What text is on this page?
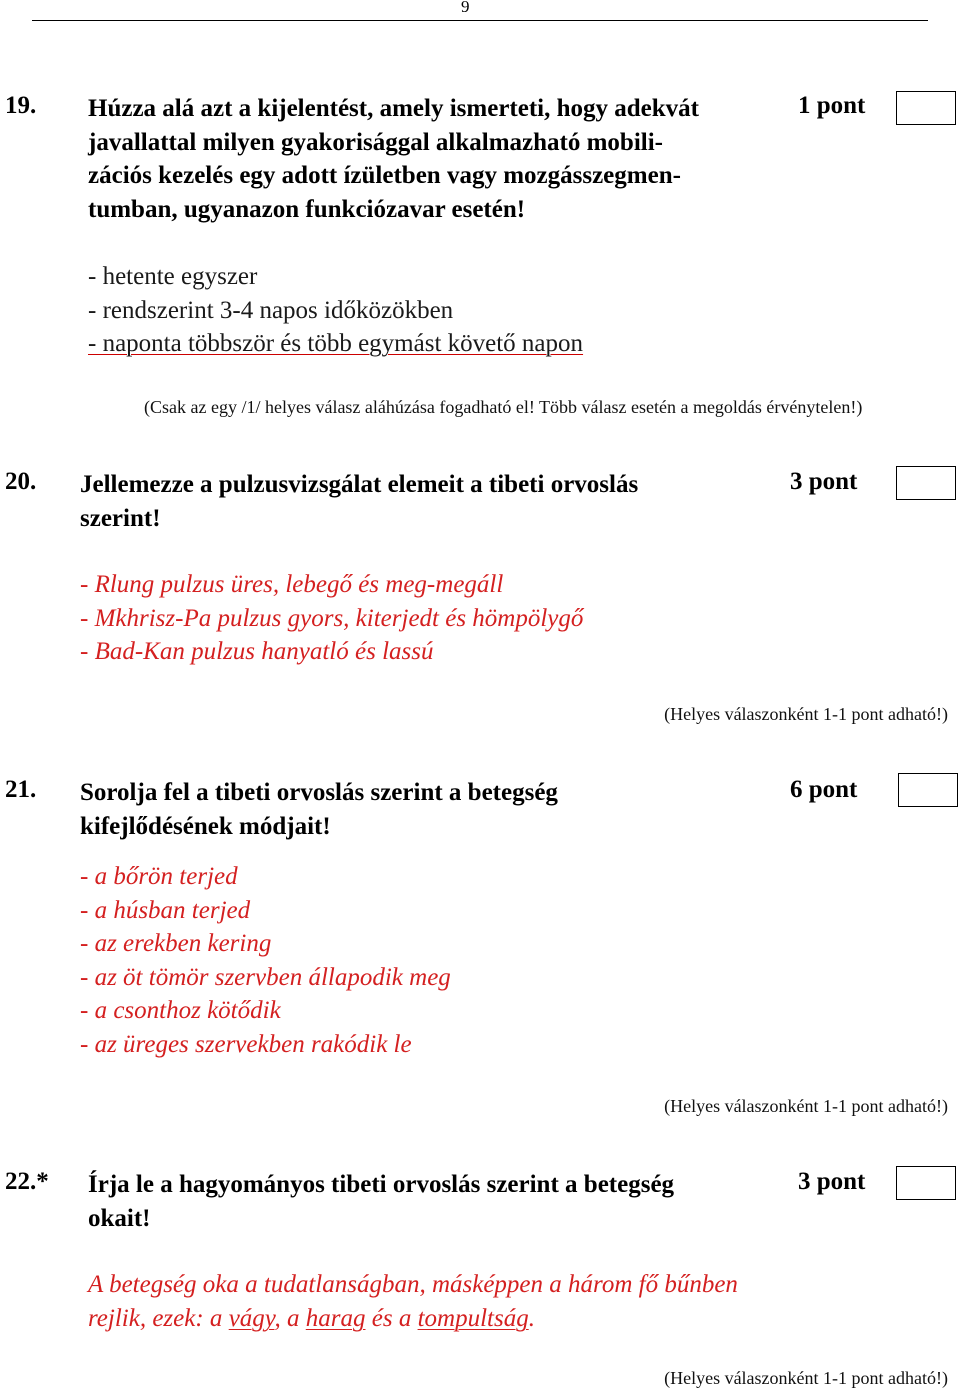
9
19. Húzza alá azt a kijelentést, amely ismerteti, hogy adekvát
javallattal milyen gyakorisággal alkalmazható mobili-
zációs kezelés egy adott ízületben vagy mozgásszegmen-
tumban, ugyanazon funkciózavar esetén!
1 pont
- hetente egyszer
- rendszerint 3-4 napos időközökben
- naponta többször és több egymást követő napon
(Csak az egy /1/ helyes válasz aláhúzása fogadható el! Több válasz esetén a megoldás érvénytelen!)
20. Jellemezze a pulzusvizsgálat elemeit a tibeti orvoslás
szerint!
3 pont
- Rlung pulzus üres, lebegő és meg-megáll
- Mkhrisz-Pa pulzus gyors, kiterjedt és hömpölygő
- Bad-Kan pulzus hanyatló és lassú
(Helyes válaszonként 1-1 pont adható!)
21. Sorolja fel a tibeti orvoslás szerint a betegség
kifejlődésének módjait!
6 pont
- a bőrön terjed
- a húsban terjed
- az erekben kering
- az öt tömör szervben állapodik meg
- a csonthoz kötődik
- az üreges szervekben rakódik le
(Helyes válaszonként 1-1 pont adható!)
22.* Írja le a hagyományos tibeti orvoslás szerint a betegség
okait!
3 pont
A betegség oka a tudatlanságban, másképpen a három fő bűnben
rejlik, ezek: a vágy, a harag és a tompultság.
(Helyes válaszonként 1-1 pont adható!)
